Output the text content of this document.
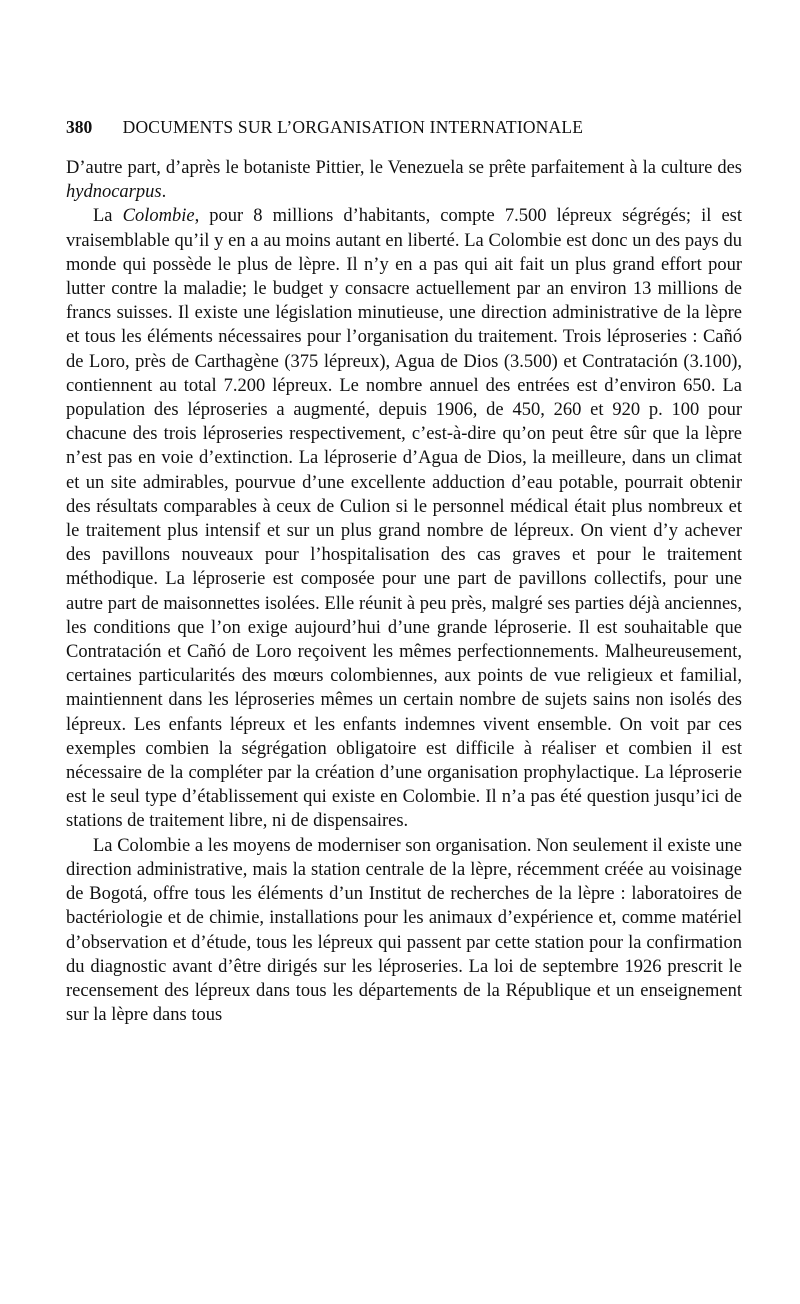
380 DOCUMENTS SUR L’ORGANISATION INTERNATIONALE

D’autre part, d’après le botaniste Pittier, le Venezuela se prête parfaitement à la culture des hydnocarpus.

La Colombie, pour 8 millions d’habitants, compte 7.500 lépreux ségrégés; il est vraisemblable qu’il y en a au moins autant en liberté. La Colombie est donc un des pays du monde qui possède le plus de lèpre. Il n’y en a pas qui ait fait un plus grand effort pour lutter contre la maladie; le budget y consacre actuellement par an environ 13 millions de francs suisses. Il existe une législation minutieuse, une direction administrative de la lèpre et tous les éléments nécessaires pour l’organisation du traitement. Trois léproseries : Cañó de Loro, près de Carthagène (375 lépreux), Agua de Dios (3.500) et Contratación (3.100), contiennent au total 7.200 lépreux. Le nombre annuel des entrées est d’environ 650. La population des léproseries a augmenté, depuis 1906, de 450, 260 et 920 p. 100 pour chacune des trois léproseries respectivement, c’est-à-dire qu’on peut être sûr que la lèpre n’est pas en voie d’extinction. La léproserie d’Agua de Dios, la meilleure, dans un climat et un site admirables, pourvue d’une excellente adduction d’eau potable, pourrait obtenir des résultats comparables à ceux de Culion si le personnel médical était plus nombreux et le traitement plus intensif et sur un plus grand nombre de lépreux. On vient d’y achever des pavillons nouveaux pour l’hospitalisation des cas graves et pour le traitement méthodique. La léproserie est composée pour une part de pavillons collectifs, pour une autre part de maisonnettes isolées. Elle réunit à peu près, malgré ses parties déjà anciennes, les conditions que l’on exige aujourd’hui d’une grande léproserie. Il est souhaitable que Contratación et Cañó de Loro reçoivent les mêmes perfectionnements. Malheureusement, certaines particularités des mœurs colombiennes, aux points de vue religieux et familial, maintiennent dans les léproseries mêmes un certain nombre de sujets sains non isolés des lépreux. Les enfants lépreux et les enfants indemnes vivent ensemble. On voit par ces exemples combien la ségrégation obligatoire est difficile à réaliser et combien il est nécessaire de la compléter par la création d’une organisation prophylactique. La léproserie est le seul type d’établissement qui existe en Colombie. Il n’a pas été question jusqu’ici de stations de traitement libre, ni de dispensaires.

La Colombie a les moyens de moderniser son organisation. Non seulement il existe une direction administrative, mais la station centrale de la lèpre, récemment créée au voisinage de Bogotá, offre tous les éléments d’un Institut de recherches de la lèpre : laboratoires de bactériologie et de chimie, installations pour les animaux d’expérience et, comme matériel d’observation et d’étude, tous les lépreux qui passent par cette station pour la confirmation du diagnostic avant d’être dirigés sur les léproseries. La loi de septembre 1926 prescrit le recensement des lépreux dans tous les départements de la République et un enseignement sur la lèpre dans tous
